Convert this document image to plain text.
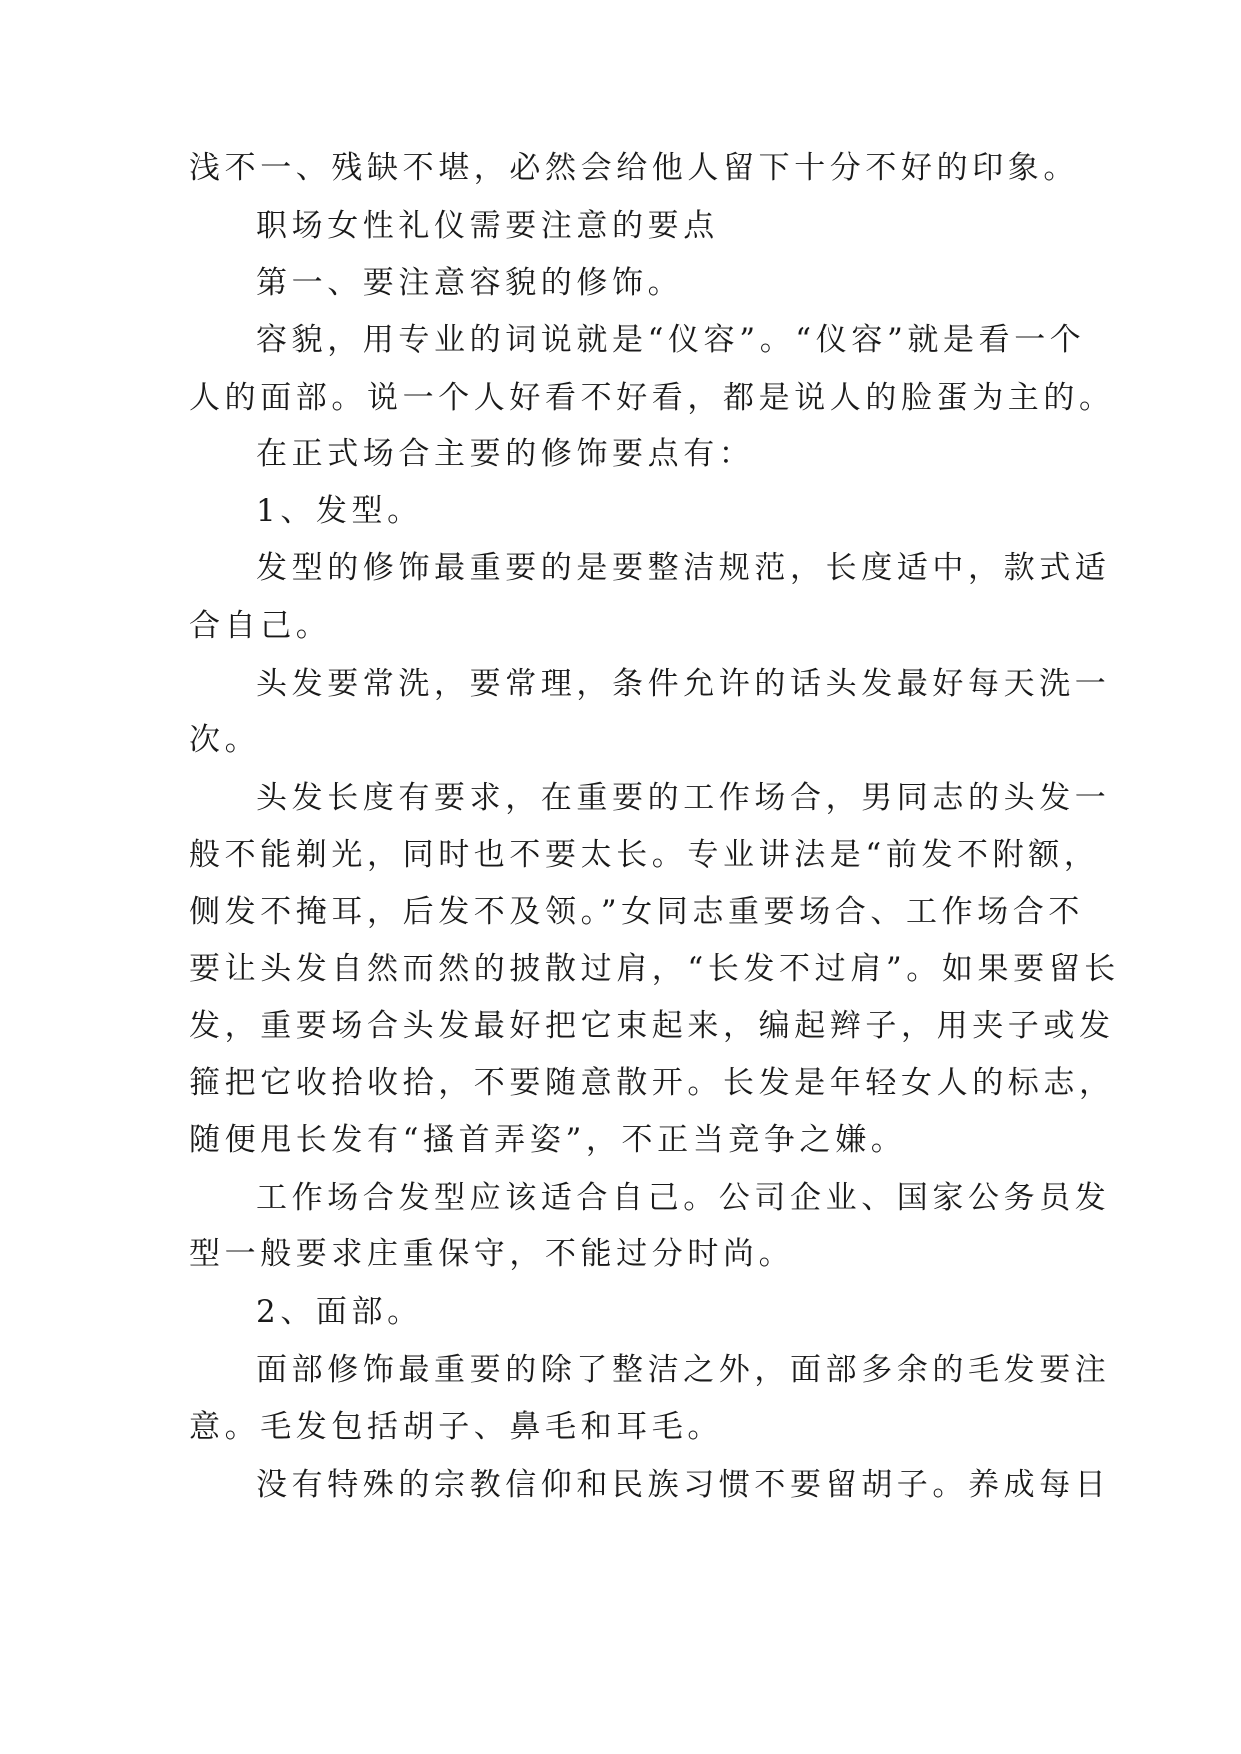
浅不一、残缺不堪，必然会给他人留下十分不好的印象。

职场女性礼仪需要注意的要点

第一、要注意容貌的修饰。

容貌，用专业的词说就是“仪容”。“仪容”就是看一个

人的面部。说一个人好看不好看，都是说人的脸蛋为主的。

在正式场合主要的修饰要点有：

1、发型。

发型的修饰最重要的是要整洁规范，长度适中，款式适

合自己。

头发要常洗，要常理，条件允许的话头发最好每天洗一

次。

头发长度有要求，在重要的工作场合，男同志的头发一

般不能剃光，同时也不要太长。专业讲法是“前发不附额，

侧发不掩耳，后发不及领。”女同志重要场合、工作场合不

要让头发自然而然的披散过肩，“长发不过肩”。如果要留长

发，重要场合头发最好把它束起来，编起辫子，用夹子或发

箍把它收拾收拾，不要随意散开。长发是年轻女人的标志，

随便甩长发有“搔首弄姿”，不正当竞争之嫌。

工作场合发型应该适合自己。公司企业、国家公务员发

型一般要求庄重保守，不能过分时尚。

2、面部。

面部修饰最重要的除了整洁之外，面部多余的毛发要注

意。毛发包括胡子、鼻毛和耳毛。

没有特殊的宗教信仰和民族习惯不要留胡子。养成每日
